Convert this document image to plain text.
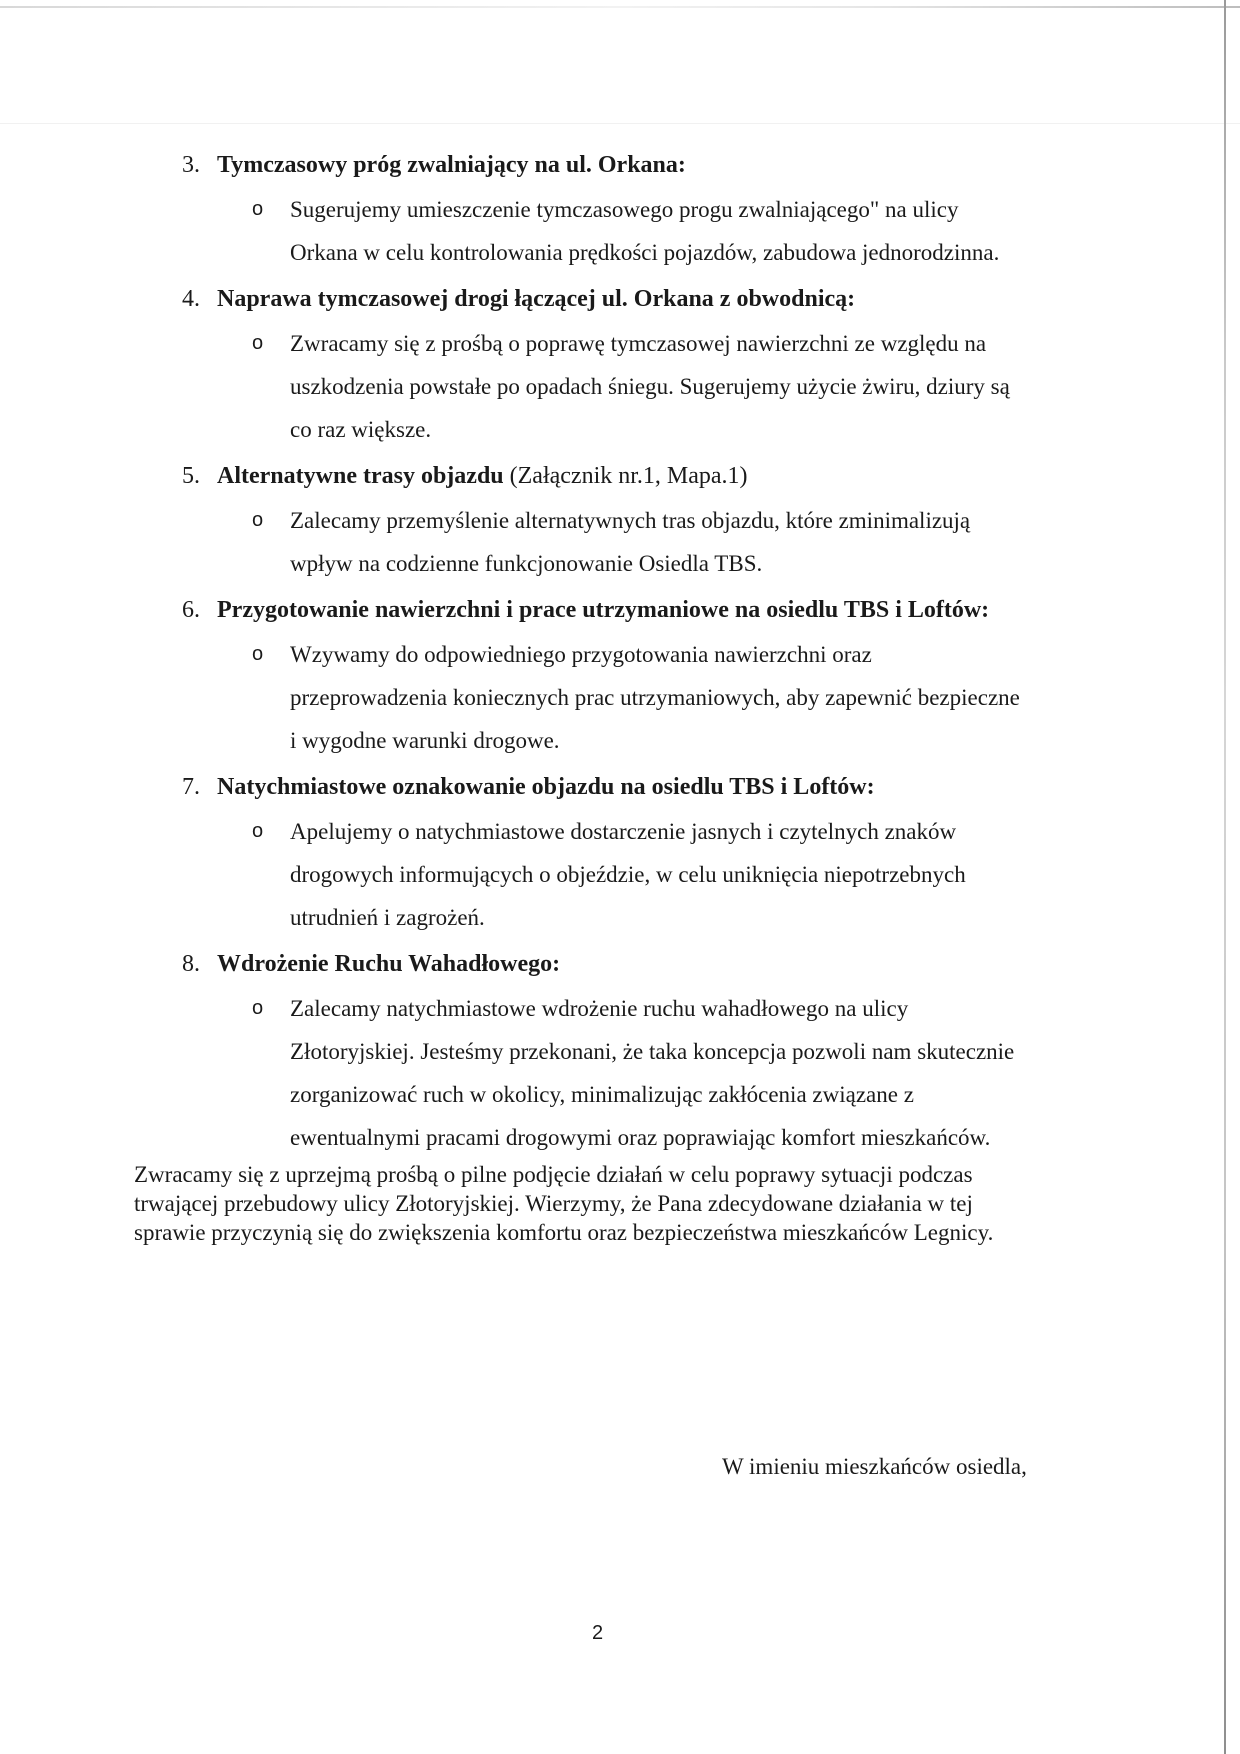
3. Tymczasowy próg zwalniający na ul. Orkana:
o Sugerujemy umieszczenie tymczasowego progu zwalniającego" na ulicy
Orkana w celu kontrolowania prędkości pojazdów, zabudowa jednorodzinna.
4. Naprawa tymczasowej drogi łączącej ul. Orkana z obwodnicą:
o Zwracamy się z prośbą o poprawę tymczasowej nawierzchni ze względu na
uszkodzenia powstałe po opadach śniegu. Sugerujemy użycie żwiru, dziury są
co raz większe.
5. Alternatywne trasy objazdu (Załącznik nr.1, Mapa.1)
o Zalecamy przemyślenie alternatywnych tras objazdu, które zminimalizują
wpływ na codzienne funkcjonowanie Osiedla TBS.
6. Przygotowanie nawierzchni i prace utrzymaniowe na osiedlu TBS i Loftów:
o Wzywamy do odpowiedniego przygotowania nawierzchni oraz
przeprowadzenia koniecznych prac utrzymaniowych, aby zapewnić bezpieczne
i wygodne warunki drogowe.
7. Natychmiastowe oznakowanie objazdu na osiedlu TBS i Loftów:
o Apelujemy o natychmiastowe dostarczenie jasnych i czytelnych znaków
drogowych informujących o objeździe, w celu uniknięcia niepotrzebnych
utrudnień i zagrożeń.
8. Wdrożenie Ruchu Wahadłowego:
o Zalecamy natychmiastowe wdrożenie ruchu wahadłowego na ulicy
Złotoryjskiej. Jesteśmy przekonani, że taka koncepcja pozwoli nam skutecznie
zorganizować ruch w okolicy, minimalizując zakłócenia związane z
ewentualnymi pracami drogowymi oraz poprawiając komfort mieszkańców.
Zwracamy się z uprzejmą prośbą o pilne podjęcie działań w celu poprawy sytuacji podczas
trwającej przebudowy ulicy Złotoryjskiej. Wierzymy, że Pana zdecydowane działania w tej
sprawie przyczynią się do zwiększenia komfortu oraz bezpieczeństwa mieszkańców Legnicy.
W imieniu mieszkańców osiedla,
2
